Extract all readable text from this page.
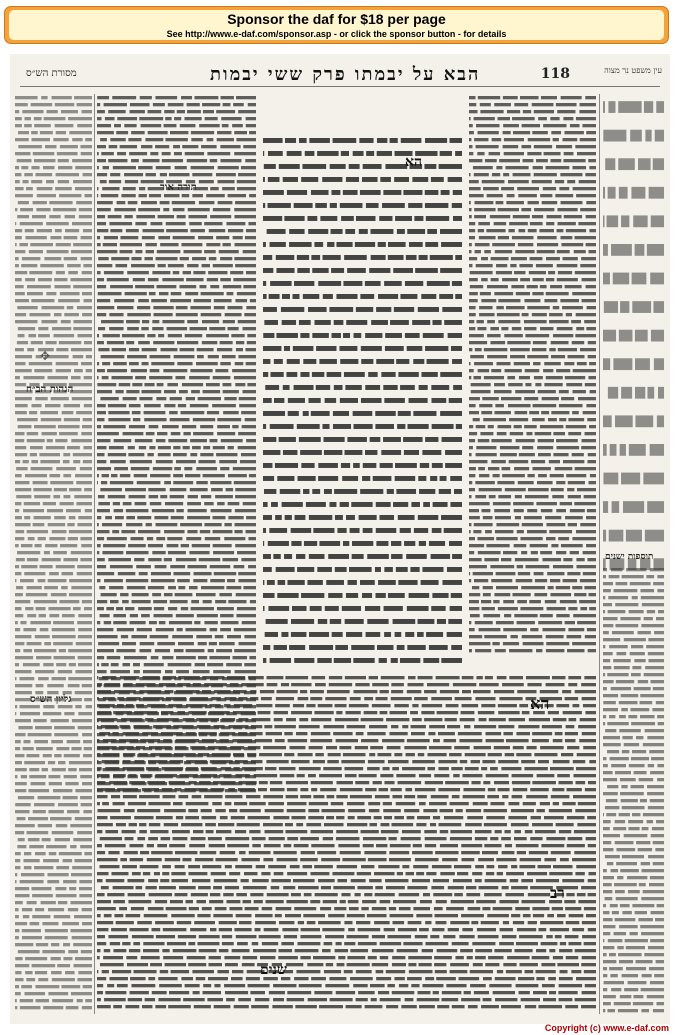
Sponsor the daf for $18 per page
See http://www.e-daf.com/sponsor.asp - or click the sponsor button - for details
מסורת הש״ס	הבא על יבמתו פרק ששי יבמות	118	עין משפט נר מצוה
הגהות הב״ח
גליון הש״ס
✥
תורה אור
הא
תוספות ישנים
הא
רב
שנים
Copyright (c) www.e-daf.com
